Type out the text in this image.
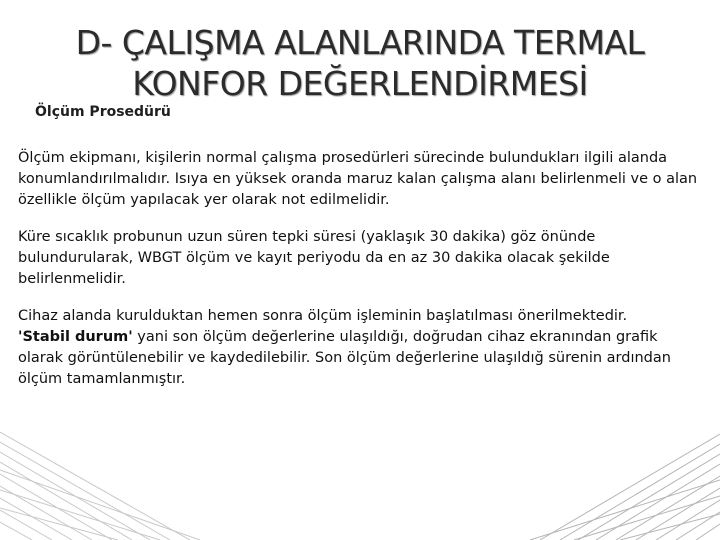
D- ÇALIŞMA ALANLARINDA TERMAL
KONFOR DEĞERLENDİRMESİ
Ölçüm Prosedürü

Ölçüm ekipmanı, kişilerin normal çalışma prosedürleri sürecinde bulundukları ilgili alanda konumlandırılmalıdır. Isıya en yüksek oranda maruz kalan çalışma alanı belirlenmeli ve o alan özellikle ölçüm yapılacak yer olarak not edilmelidir.

Küre sıcaklık probunun uzun süren tepki süresi (yaklaşık 30 dakika) göz önünde bulundurularak, WBGT ölçüm ve kayıt periyodu da en az 30 dakika olacak şekilde belirlenmelidir.

Cihaz alanda kurulduktan hemen sonra ölçüm işleminin başlatılması önerilmektedir.
'Stabil durum' yani son ölçüm değerlerine ulaşıldığı, doğrudan cihaz ekranından grafik olarak görüntülenebilir ve kaydedilebilir. Son ölçüm değerlerine ulaşıldığ sürenin ardından ölçüm tamamlanmıştır.
